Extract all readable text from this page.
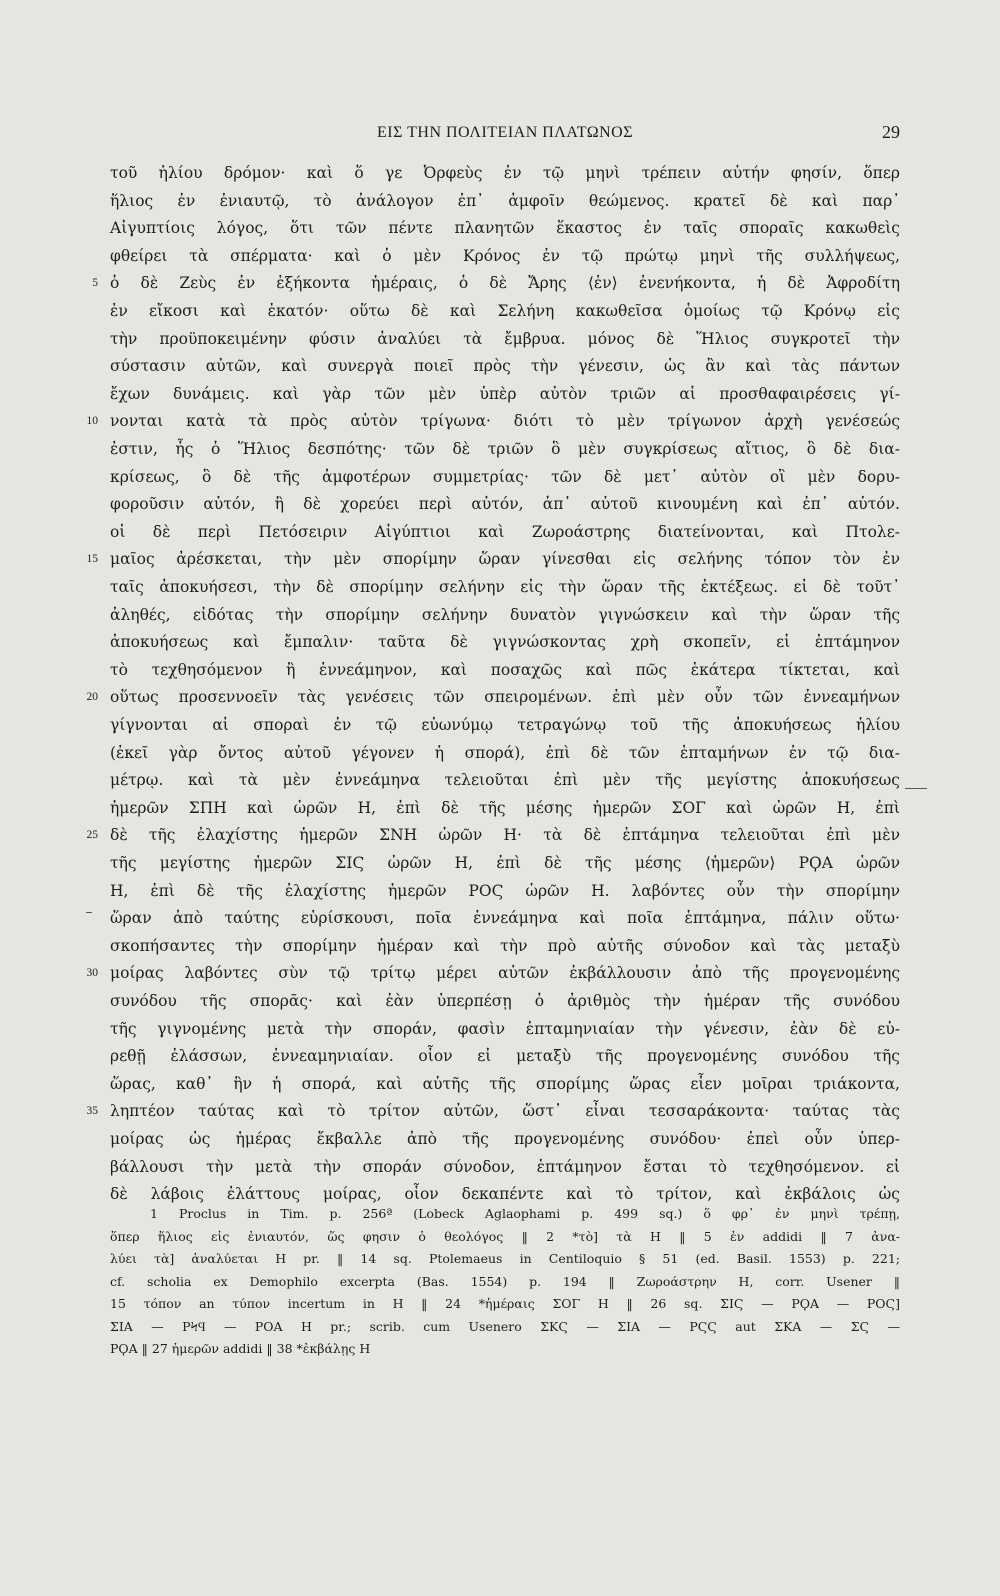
ΕΙΣ ΤΗΝ ΠΟΛΙΤΕΙΑΝ ΠΛΑΤΩΝΟΣ	29
τοῦ ἡλίου δρόμον· καὶ ὅ γε Ὀρφεὺς ἐν τῷ μηνὶ τρέπειν αὐτήν φησίν, ὅπερ
ἥλιος ἐν ἐνιαυτῷ, τὸ ἀνάλογον ἐπ᾽ ἀμφοῖν θεώμενος. κρατεῖ δὲ καὶ παρ᾽
Αἰγυπτίοις λόγος, ὅτι τῶν πέντε πλανητῶν ἕκαστος ἐν ταῖς σποραῖς κακωθεὶς
φθείρει τὰ σπέρματα· καὶ ὁ μὲν Κρόνος ἐν τῷ πρώτῳ μηνὶ τῆς συλλήψεως,
5 ὁ δὲ Ζεὺς ἐν ἑξήκοντα ἡμέραις, ὁ δὲ Ἄρης ⟨ἐν⟩ ἐνενήκοντα, ἡ δὲ Ἀφροδίτη
ἐν εἴκοσι καὶ ἑκατόν· οὕτω δὲ καὶ Σελήνη κακωθεῖσα ὁμοίως τῷ Κρόνῳ εἰς
τὴν προϋποκειμένην φύσιν ἀναλύει τὰ ἔμβρυα. μόνος δὲ Ἥλιος συγκροτεῖ τὴν
σύστασιν αὐτῶν, καὶ συνεργὰ ποιεῖ πρὸς τὴν γένεσιν, ὡς ἂν καὶ τὰς πάντων
ἔχων δυνάμεις. καὶ γὰρ τῶν μὲν ὑπὲρ αὐτὸν τριῶν αἱ προσθαφαιρέσεις γί-
10 νονται κατὰ τὰ πρὸς αὐτὸν τρίγωνα· διότι τὸ μὲν τρίγωνον ἀρχὴ γενέσεώς
ἐστιν, ἧς ὁ Ἥλιος δεσπότης· τῶν δὲ τριῶν ὃ μὲν συγκρίσεως αἴτιος, ὃ δὲ δια-
κρίσεως, ὃ δὲ τῆς ἀμφοτέρων συμμετρίας· τῶν δὲ μετ᾽ αὐτὸν οἳ μὲν δορυ-
φοροῦσιν αὐτόν, ἣ δὲ χορεύει περὶ αὐτόν, ἀπ᾽ αὐτοῦ κινουμένη καὶ ἐπ᾽ αὐτόν.
οἱ δὲ περὶ Πετόσειριν Αἰγύπτιοι καὶ Ζωροάστρης διατείνονται, καὶ Πτολε-
15 μαῖος ἀρέσκεται, τὴν μὲν σπορίμην ὥραν γίνεσθαι εἰς σελήνης τόπον τὸν ἐν
ταῖς ἀποκυήσεσι, τὴν δὲ σπορίμην σελήνην εἰς τὴν ὥραν τῆς ἐκτέξεως. εἰ δὲ τοῦτ᾽
ἀληθές, εἰδότας τὴν σπορίμην σελήνην δυνατὸν γιγνώσκειν καὶ τὴν ὥραν τῆς
ἀποκυήσεως καὶ ἔμπαλιν· ταῦτα δὲ γιγνώσκοντας χρὴ σκοπεῖν, εἰ ἑπτάμηνον
τὸ τεχθησόμενον ἢ ἐννεάμηνον, καὶ ποσαχῶς καὶ πῶς ἑκάτερα τίκτεται, καὶ
20 οὕτως προσεννοεῖν τὰς γενέσεις τῶν σπειρομένων. ἐπὶ μὲν οὖν τῶν ἐννεαμήνων
γίγνονται αἱ σποραὶ ἐν τῷ εὐωνύμῳ τετραγώνῳ τοῦ τῆς ἀποκυήσεως ἡλίου
(ἐκεῖ γὰρ ὄντος αὐτοῦ γέγονεν ἡ σπορά), ἐπὶ δὲ τῶν ἑπταμήνων ἐν τῷ δια-
μέτρῳ. καὶ τὰ μὲν ἐννεάμηνα τελειοῦται ἐπὶ μὲν τῆς μεγίστης ἀποκυήσεως
ἡμερῶν ΣΠΗ καὶ ὡρῶν Η, ἐπὶ δὲ τῆς μέσης ἡμερῶν ΣΟΓ καὶ ὡρῶν Η, ἐπὶ
25 δὲ τῆς ἐλαχίστης ἡμερῶν ΣΝΗ ὡρῶν Η· τὰ δὲ ἑπτάμηνα τελειοῦται ἐπὶ μὲν
τῆς μεγίστης ἡμερῶν ΣΙϚ ὡρῶν Η, ἐπὶ δὲ τῆς μέσης ⟨ἡμερῶν⟩ ΡϘΑ ὡρῶν
Η, ἐπὶ δὲ τῆς ἐλαχίστης ἡμερῶν ΡΟϚ ὡρῶν Η. λαβόντες οὖν τὴν σπορίμην
ὥραν ἀπὸ ταύτης εὑρίσκουσι, ποῖα ἐννεάμηνα καὶ ποῖα ἑπτάμηνα, πάλιν οὕτω·
σκοπήσαντες τὴν σπορίμην ἡμέραν καὶ τὴν πρὸ αὐτῆς σύνοδον καὶ τὰς μεταξὺ
30 μοίρας λαβόντες σὺν τῷ τρίτῳ μέρει αὐτῶν ἐκβάλλουσιν ἀπὸ τῆς προγενομένης
συνόδου τῆς σπορᾶς· καὶ ἐὰν ὑπερπέσῃ ὁ ἀριθμὸς τὴν ἡμέραν τῆς συνόδου
τῆς γιγνομένης μετὰ τὴν σποράν, φασὶν ἑπταμηνιαίαν τὴν γένεσιν, ἐὰν δὲ εὑ-
ρεθῇ ἐλάσσων, ἐννεαμηνιαίαν. οἷον εἰ μεταξὺ τῆς προγενομένης συνόδου τῆς
ὥρας, καθ᾽ ἣν ἡ σπορά, καὶ αὐτῆς τῆς σπορίμης ὥρας εἶεν μοῖραι τριάκοντα,
35 ληπτέον ταύτας καὶ τὸ τρίτον αὐτῶν, ὥστ᾽ εἶναι τεσσαράκοντα· ταύτας τὰς
μοίρας ὡς ἡμέρας ἔκβαλλε ἀπὸ τῆς προγενομένης συνόδου· ἐπεὶ οὖν ὑπερ-
βάλλουσι τὴν μετὰ τὴν σποράν σύνοδον, ἑπτάμηνον ἔσται τὸ τεχθησόμενον. εἰ
δὲ λάβοις ἐλάττους μοίρας, οἷον δεκαπέντε καὶ τὸ τρίτον, καὶ ἐκβάλοις ὡς
1 Proclus in Tim. p. 256ª (Lobeck Aglaophami p. 499 sq.) ὅ φρ᾽ ἐν μηνὶ τρέπῃ,
ὅπερ ἥλιος εἰς ἐνιαυτόν, ὥς φησιν ὁ θεολόγος ‖ 2 *τὸ] τὰ H ‖ 5 ἐν addidi ‖ 7 ἀνα-
λύει τὰ] ἀναλύεται H pr. ‖ 14 sq. Ptolemaeus in Centiloquio § 51 (ed. Basil. 1553) p. 221;
cf. scholia ex Demophilo excerpta (Bas. 1554) p. 194 ‖ Ζωροάστρην H, corr. Usener ‖
15 τόπον an τύπον incertum in H ‖ 24 *ἡμέραις ΣΟΓ H ‖ 26 sq. ΣΙϚ — ΡϘΑ — ΡΟϚ]
ΣΙΑ — ΡϞϤ — ΡΟΑ H pr.; scrib. cum Usenero ΣΚϚ — ΣΙΑ — ΡϚϚ aut ΣΚΑ — ΣϚ —
ΡϘΑ ‖ 27 ἡμερῶν addidi ‖ 38 *ἐκβάλῃς H
